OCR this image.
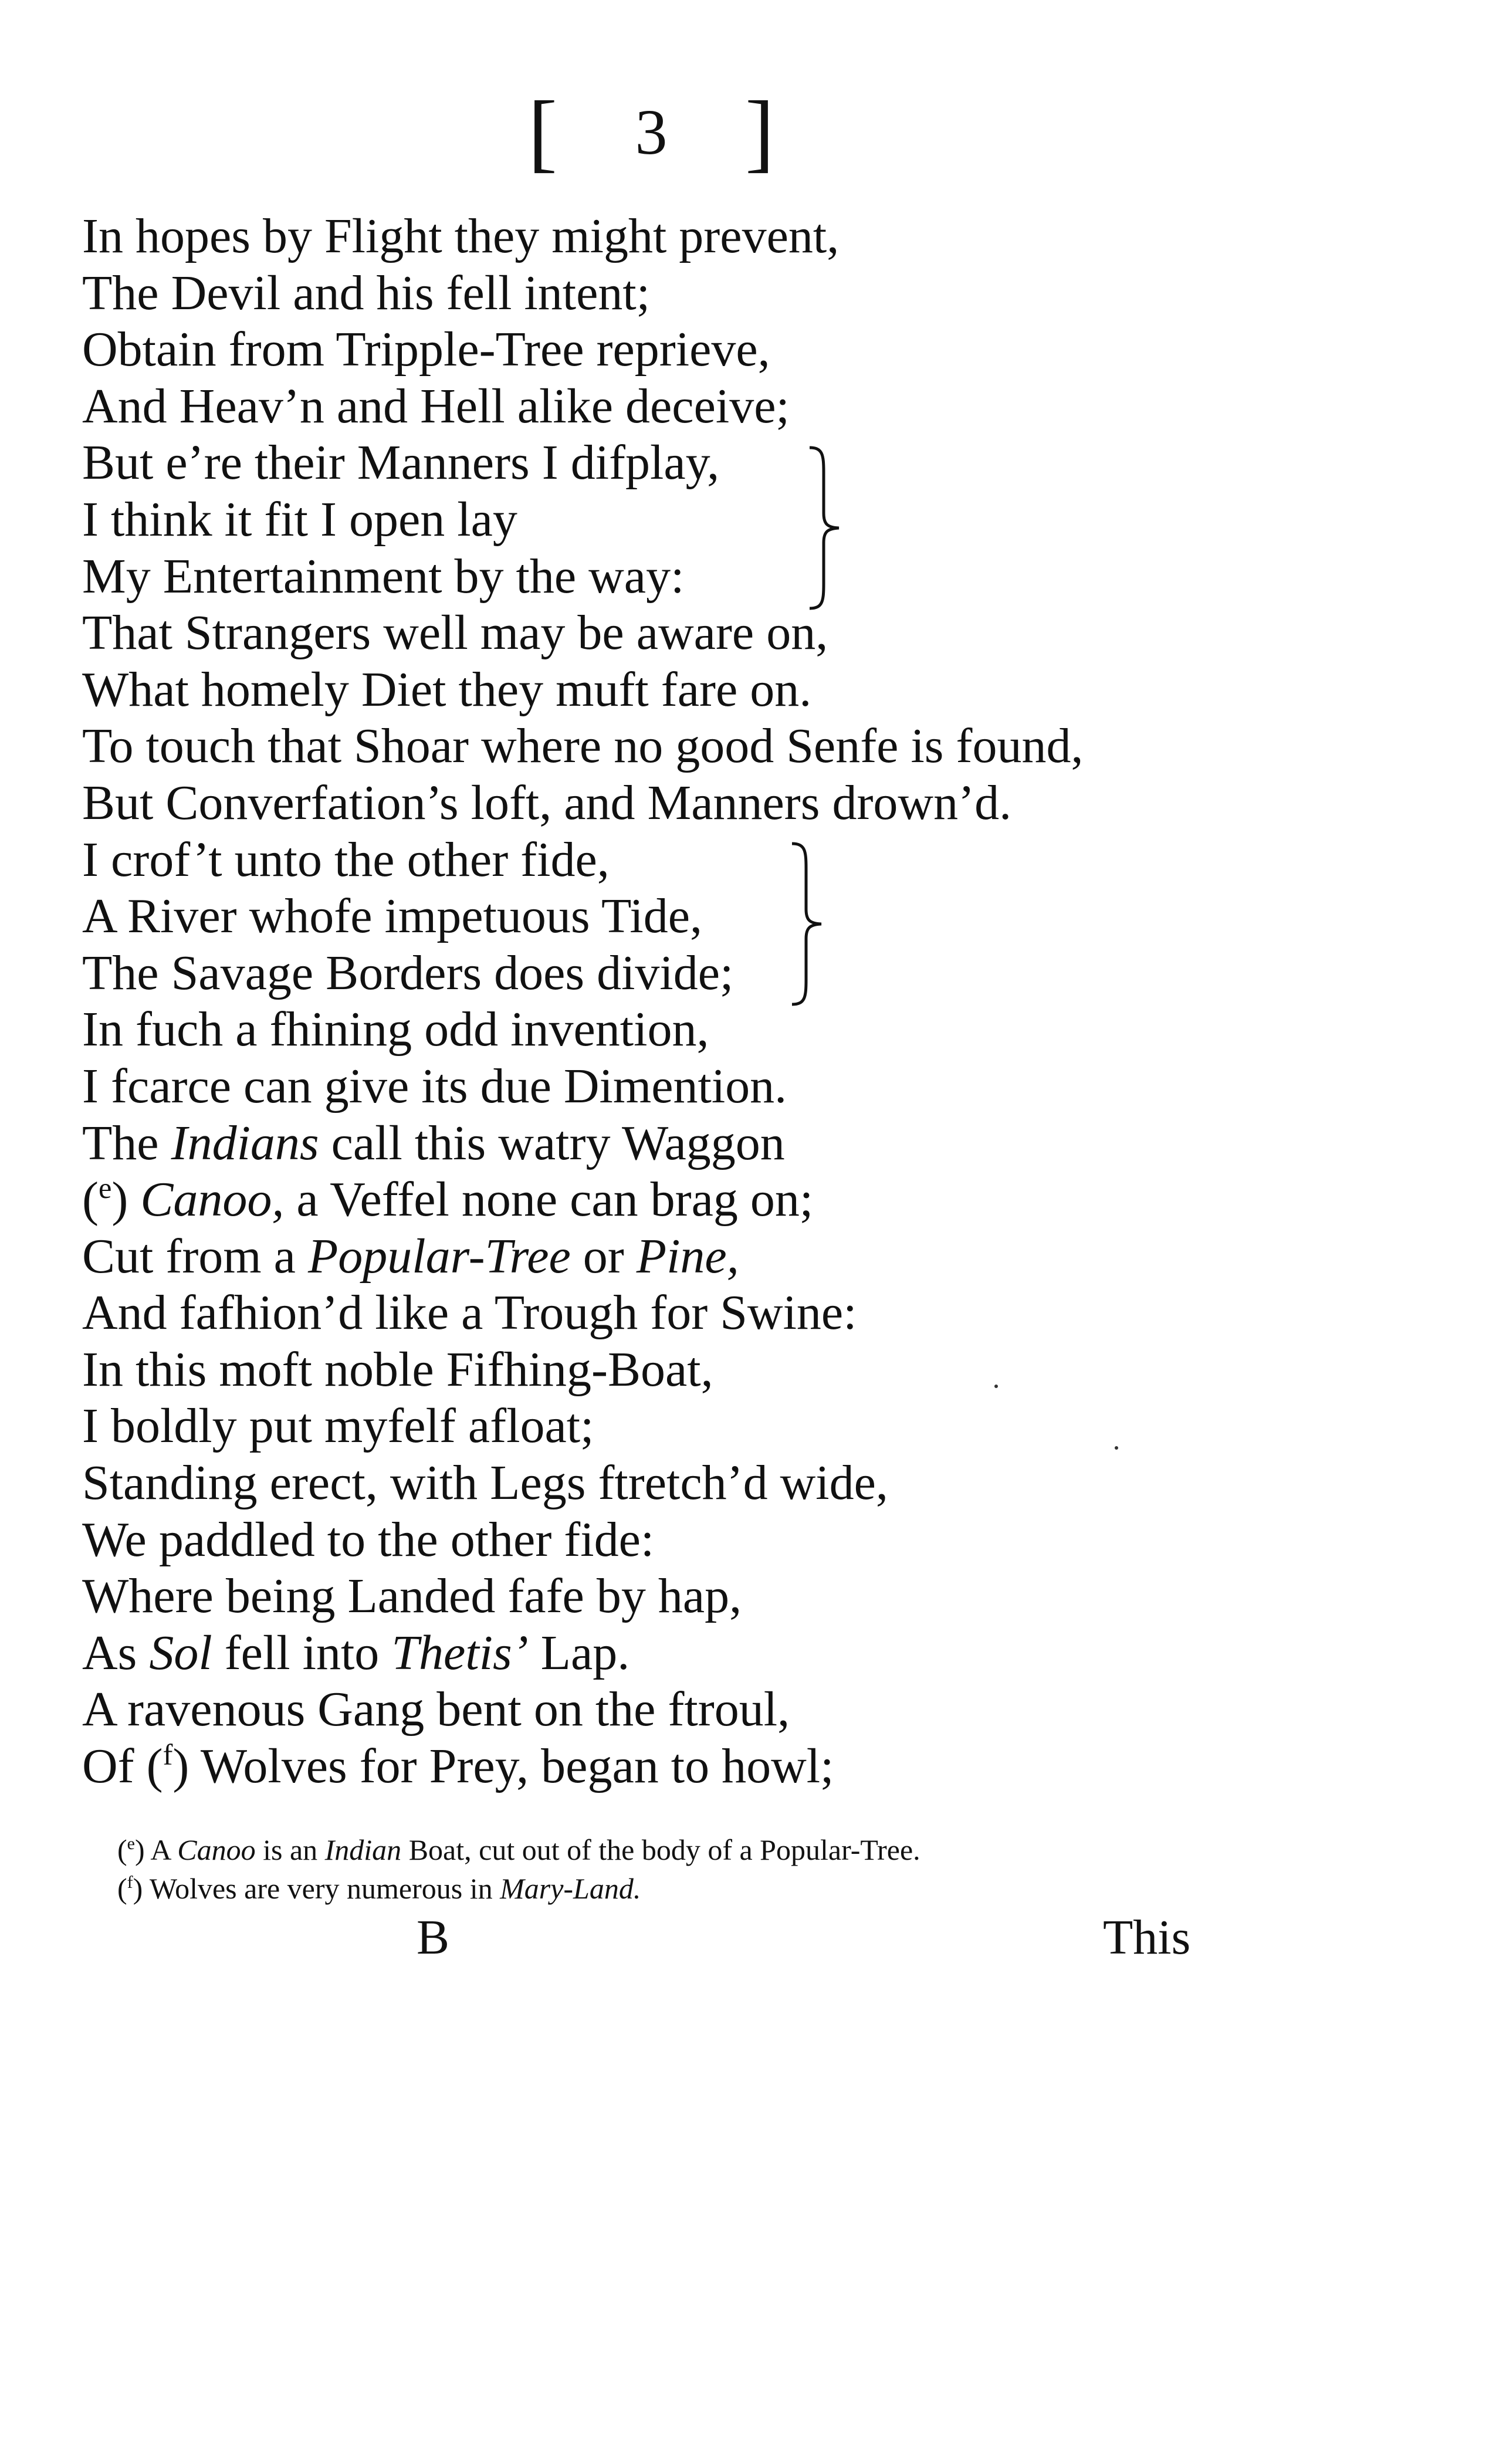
[ 3 ]
In hopes by Flight they might prevent,
The Devil and his fell intent;
Obtain from Tripple-Tree reprieve,
And Heav’n and Hell alike deceive;
But e’re their Manners I difplay,
I think it fit I open lay
My Entertainment by the way:
That Strangers well may be aware on,
What homely Diet they muft fare on.
To touch that Shoar where no good Senfe is found,
But Converfation’s loft, and Manners drown’d.
I crof’t unto the other fide,
A River whofe impetuous Tide,
The Savage Borders does divide;
In fuch a fhining odd invention,
I fcarce can give its due Dimention.
The Indians call this watry Waggon
($^e$) Canoo, a Veffel none can brag on;
Cut from a Popular-Tree or Pine,
And fafhion’d like a Trough for Swine:
In this moft noble Fifhing-Boat,
I boldly put myfelf afloat;
Standing erect, with Legs ftretch’d wide,
We paddled to the other fide:
Where being Landed fafe by hap,
As Sol fell into Thetis’ Lap.
A ravenous Gang bent on the ftroul,
Of ($^f$) Wolves for Prey, began to howl;
($^e$) A Canoo is an Indian Boat, cut out of the body of a Popular-Tree.
($^f$) Wolves are very numerous in Mary-Land.
B	This
